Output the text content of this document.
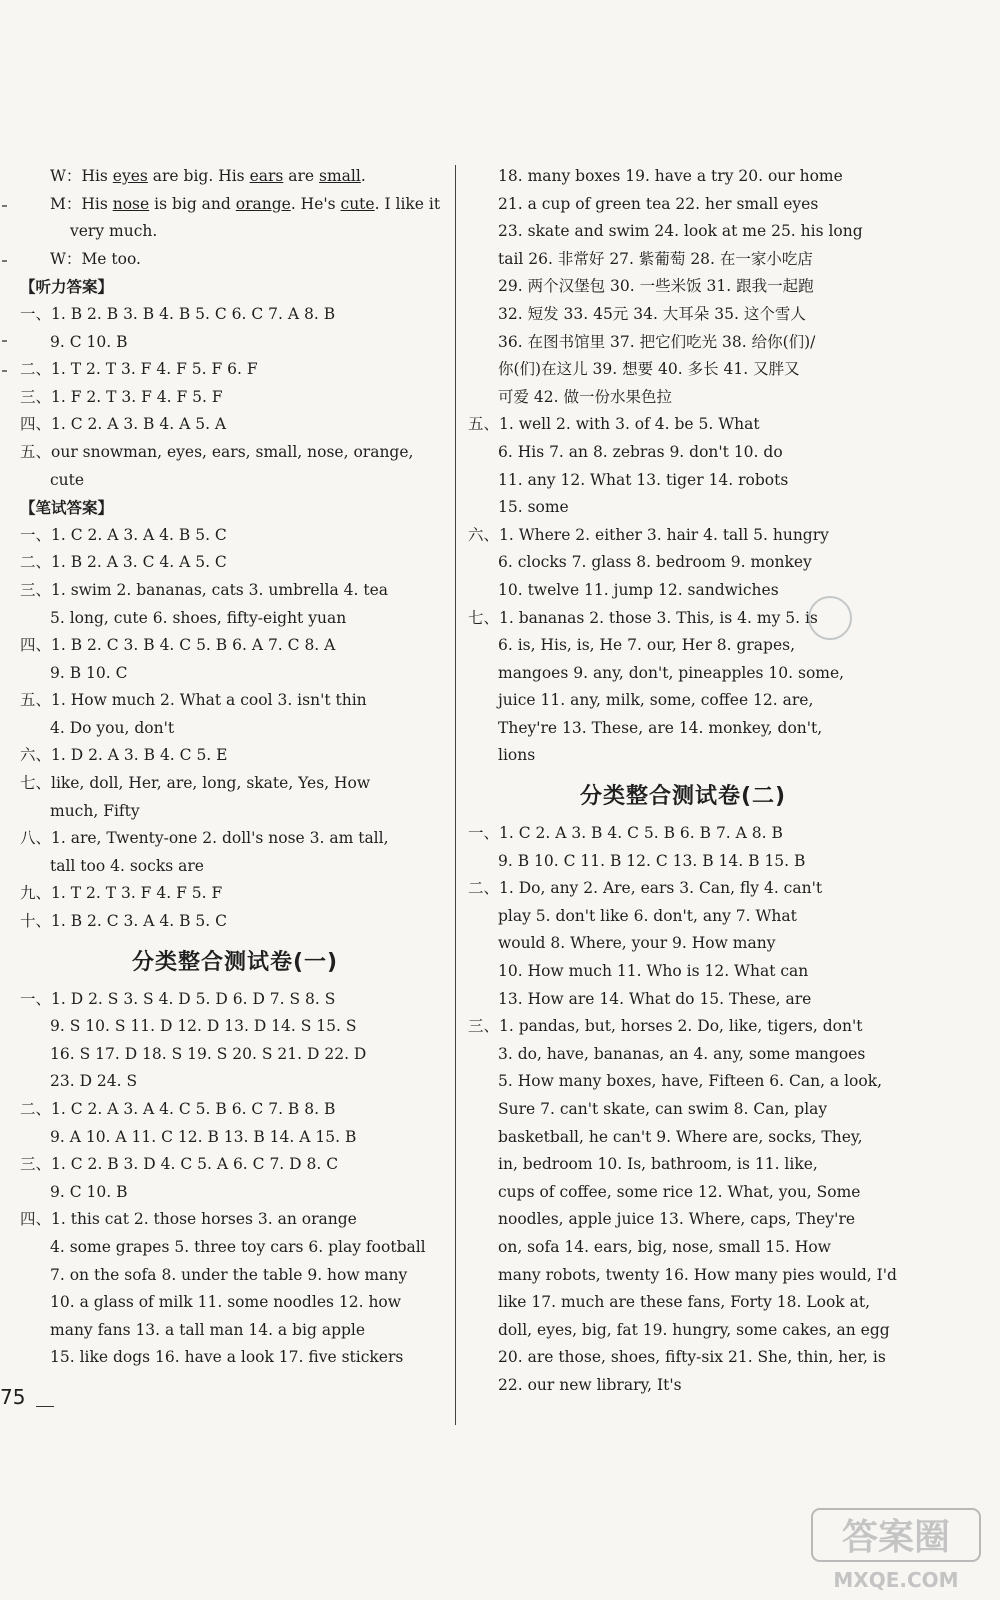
W：His eyes are big. His ears are small.
M：His nose is big and orange. He's cute. I like it
very much.
W：Me too.
【听力答案】
一、1. B 2. B 3. B 4. B 5. C 6. C 7. A 8. B
9. C 10. B
二、1. T 2. T 3. F 4. F 5. F 6. F
三、1. F 2. T 3. F 4. F 5. F
四、1. C 2. A 3. B 4. A 5. A
五、our snowman, eyes, ears, small, nose, orange,
cute
【笔试答案】
一、1. C 2. A 3. A 4. B 5. C
二、1. B 2. A 3. C 4. A 5. C
三、1. swim 2. bananas, cats 3. umbrella 4. tea
5. long, cute 6. shoes, fifty-eight yuan
四、1. B 2. C 3. B 4. C 5. B 6. A 7. C 8. A
9. B 10. C
五、1. How much 2. What a cool 3. isn't thin
4. Do you, don't
六、1. D 2. A 3. B 4. C 5. E
七、like, doll, Her, are, long, skate, Yes, How
much, Fifty
八、1. are, Twenty-one 2. doll's nose 3. am tall,
tall too 4. socks are
九、1. T 2. T 3. F 4. F 5. F
十、1. B 2. C 3. A 4. B 5. C
分类整合测试卷(一)
一、1. D 2. S 3. S 4. D 5. D 6. D 7. S 8. S
9. S 10. S 11. D 12. D 13. D 14. S 15. S
16. S 17. D 18. S 19. S 20. S 21. D 22. D
23. D 24. S
二、1. C 2. A 3. A 4. C 5. B 6. C 7. B 8. B
9. A 10. A 11. C 12. B 13. B 14. A 15. B
三、1. C 2. B 3. D 4. C 5. A 6. C 7. D 8. C
9. C 10. B
四、1. this cat 2. those horses 3. an orange
4. some grapes 5. three toy cars 6. play football
7. on the sofa 8. under the table 9. how many
10. a glass of milk 11. some noodles 12. how
many fans 13. a tall man 14. a big apple
15. like dogs 16. have a look 17. five stickers
18. many boxes 19. have a try 20. our home
21. a cup of green tea 22. her small eyes
23. skate and swim 24. look at me 25. his long
tail 26. 非常好 27. 紫葡萄 28. 在一家小吃店
29. 两个汉堡包 30. 一些米饭 31. 跟我一起跑
32. 短发 33. 45元 34. 大耳朵 35. 这个雪人
36. 在图书馆里 37. 把它们吃光 38. 给你(们)/
你(们)在这儿 39. 想要 40. 多长 41. 又胖又
可爱 42. 做一份水果色拉
五、1. well 2. with 3. of 4. be 5. What
6. His 7. an 8. zebras 9. don't 10. do
11. any 12. What 13. tiger 14. robots
15. some
六、1. Where 2. either 3. hair 4. tall 5. hungry
6. clocks 7. glass 8. bedroom 9. monkey
10. twelve 11. jump 12. sandwiches
七、1. bananas 2. those 3. This, is 4. my 5. is
6. is, His, is, He 7. our, Her 8. grapes,
mangoes 9. any, don't, pineapples 10. some,
juice 11. any, milk, some, coffee 12. are,
They're 13. These, are 14. monkey, don't,
lions
分类整合测试卷(二)
一、1. C 2. A 3. B 4. C 5. B 6. B 7. A 8. B
9. B 10. C 11. B 12. C 13. B 14. B 15. B
二、1. Do, any 2. Are, ears 3. Can, fly 4. can't
play 5. don't like 6. don't, any 7. What
would 8. Where, your 9. How many
10. How much 11. Who is 12. What can
13. How are 14. What do 15. These, are
三、1. pandas, but, horses 2. Do, like, tigers, don't
3. do, have, bananas, an 4. any, some mangoes
5. How many boxes, have, Fifteen 6. Can, a look,
Sure 7. can't skate, can swim 8. Can, play
basketball, he can't 9. Where are, socks, They,
in, bedroom 10. Is, bathroom, is 11. like,
cups of coffee, some rice 12. What, you, Some
noodles, apple juice 13. Where, caps, They're
on, sofa 14. ears, big, nose, small 15. How
many robots, twenty 16. How many pies would, I'd
like 17. much are these fans, Forty 18. Look at,
doll, eyes, big, fat 19. hungry, some cakes, an egg
20. are those, shoes, fifty-six 21. She, thin, her, is
22. our new library, It's
75
答案圈
MXQE.COM
